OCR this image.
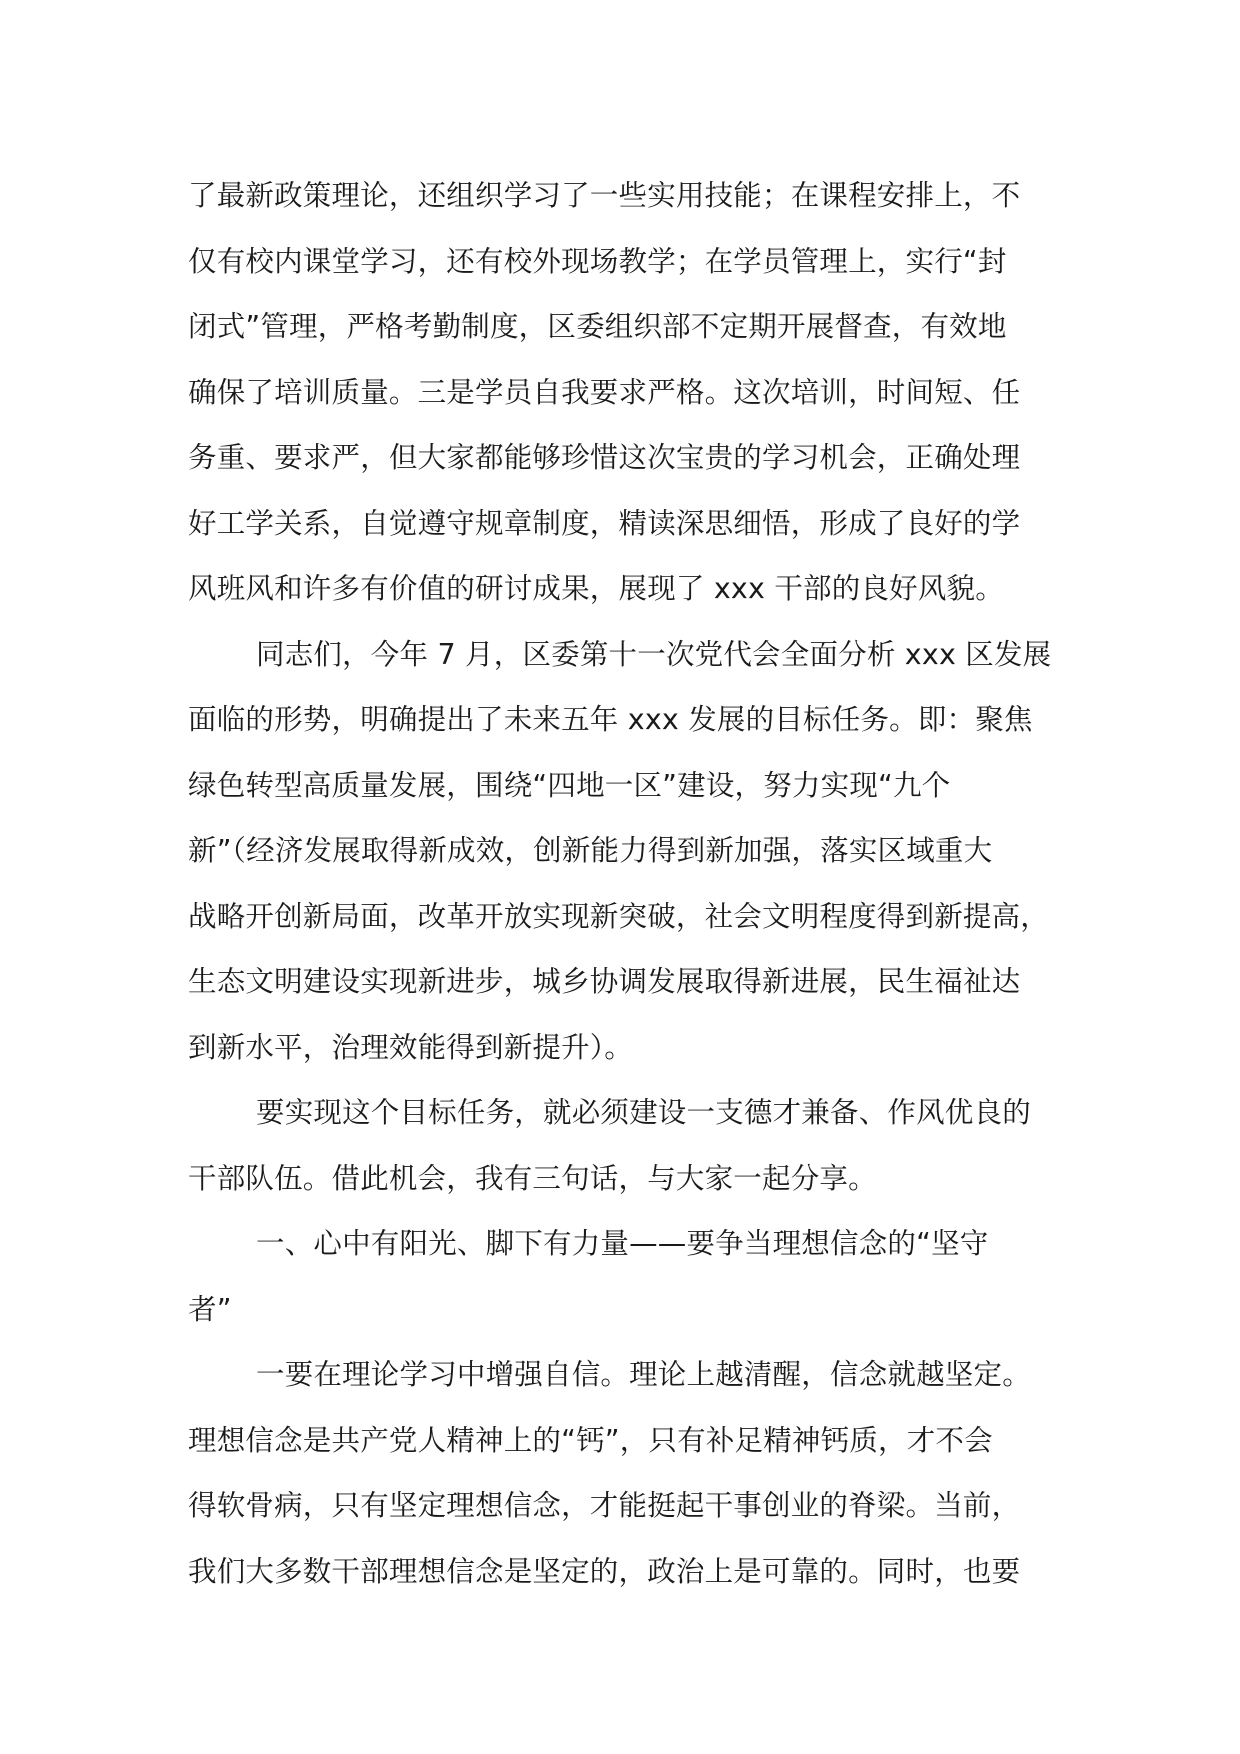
了最新政策理论，还组织学习了一些实用技能；在课程安排上，不
仅有校内课堂学习，还有校外现场教学；在学员管理上，实行“封
闭式”管理，严格考勤制度，区委组织部不定期开展督查，有效地
确保了培训质量。三是学员自我要求严格。这次培训，时间短、任
务重、要求严，但大家都能够珍惜这次宝贵的学习机会，正确处理
好工学关系，自觉遵守规章制度，精读深思细悟，形成了良好的学
风班风和许多有价值的研讨成果，展现了 xxx 干部的良好风貌。
同志们，今年 7 月，区委第十一次党代会全面分析 xxx 区发展
面临的形势，明确提出了未来五年 xxx 发展的目标任务。即：聚焦
绿色转型高质量发展，围绕“四地一区”建设，努力实现“九个
新”（经济发展取得新成效，创新能力得到新加强，落实区域重大
战略开创新局面，改革开放实现新突破，社会文明程度得到新提高，
生态文明建设实现新进步，城乡协调发展取得新进展，民生福祉达
到新水平，治理效能得到新提升）。
要实现这个目标任务，就必须建设一支德才兼备、作风优良的
干部队伍。借此机会，我有三句话，与大家一起分享。
一、心中有阳光、脚下有力量——要争当理想信念的“坚守
者”
一要在理论学习中增强自信。理论上越清醒，信念就越坚定。
理想信念是共产党人精神上的“钙”，只有补足精神钙质，才不会
得软骨病，只有坚定理想信念，才能挺起干事创业的脊梁。当前，
我们大多数干部理想信念是坚定的，政治上是可靠的。同时，也要
